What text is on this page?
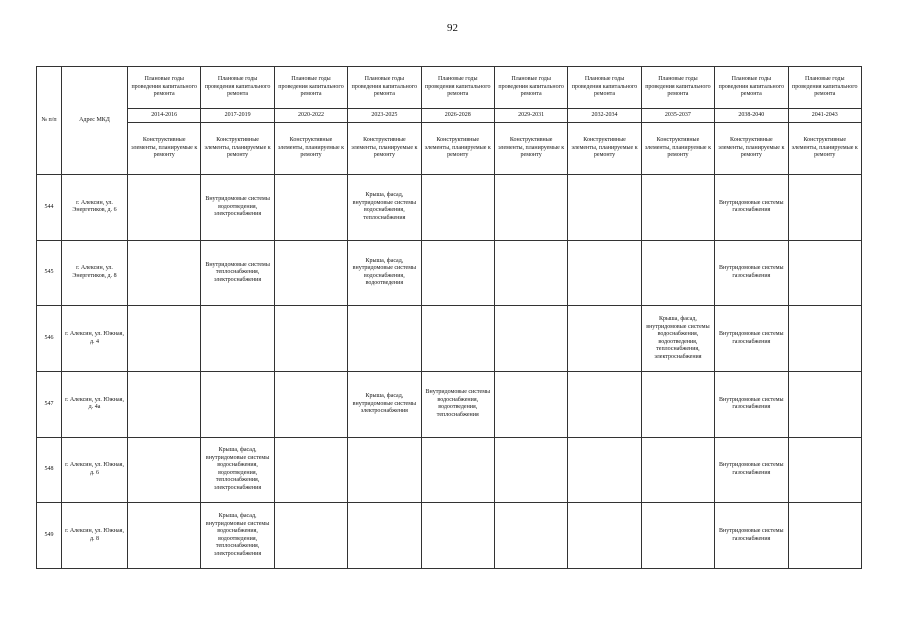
92
№ п/п	Адрес МКД	Плановые годы проведения капитального ремонта	Плановые годы проведения капитального ремонта	Плановые годы проведения капитального ремонта	Плановые годы проведения капитального ремонта	Плановые годы проведения капитального ремонта	Плановые годы проведения капитального ремонта	Плановые годы проведения капитального ремонта	Плановые годы проведения капитального ремонта	Плановые годы проведения капитального ремонта	Плановые годы проведения капитального ремонта
		2014-2016	2017-2019	2020-2022	2023-2025	2026-2028	2029-2031	2032-2034	2035-2037	2038-2040	2041-2043
		Конструктивные элементы, планируемые к ремонту	Конструктивные элементы, планируемые к ремонту	Конструктивные элементы, планируемые к ремонту	Конструктивные элементы, планируемые к ремонту	Конструктивные элементы, планируемые к ремонту	Конструктивные элементы, планируемые к ремонту	Конструктивные элементы, планируемые к ремонту	Конструктивные элементы, планируемые к ремонту	Конструктивные элементы, планируемые к ремонту	Конструктивные элементы, планируемые к ремонту
544	г. Алексин, ул. Энергетиков, д. 6		Внутридомовые системы водоотведения, электроснабжения		Крыша, фасад, внутридомовые системы водоснабжения, теплоснабжения					Внутридомовые системы газоснабжения	
545	г. Алексин, ул. Энергетиков, д. 8		Внутридомовые системы теплоснабжения, электроснабжения		Крыша, фасад, внутридомовые системы водоснабжения, водоотведения					Внутридомовые системы газоснабжения	
546	г. Алексин, ул. Южная, д. 4								Крыша, фасад, внутридомовые системы водоснабжения, водоотведения, теплоснабжения, электроснабжения	Внутридомовые системы газоснабжения	
547	г. Алексин, ул. Южная, д. 4а				Крыша, фасад, внутридомовые системы электроснабжения	Внутридомовые системы водоснабжения, водоотведения, теплоснабжения				Внутридомовые системы газоснабжения	
548	г. Алексин, ул. Южная, д. 6		Крыша, фасад, внутридомовые системы водоснабжения, водоотведения, теплоснабжения, электроснабжения							Внутридомовые системы газоснабжения	
549	г. Алексин, ул. Южная, д. 8		Крыша, фасад, внутридомовые системы водоснабжения, водоотведения, теплоснабжения, электроснабжения							Внутридомовые системы газоснабжения	
